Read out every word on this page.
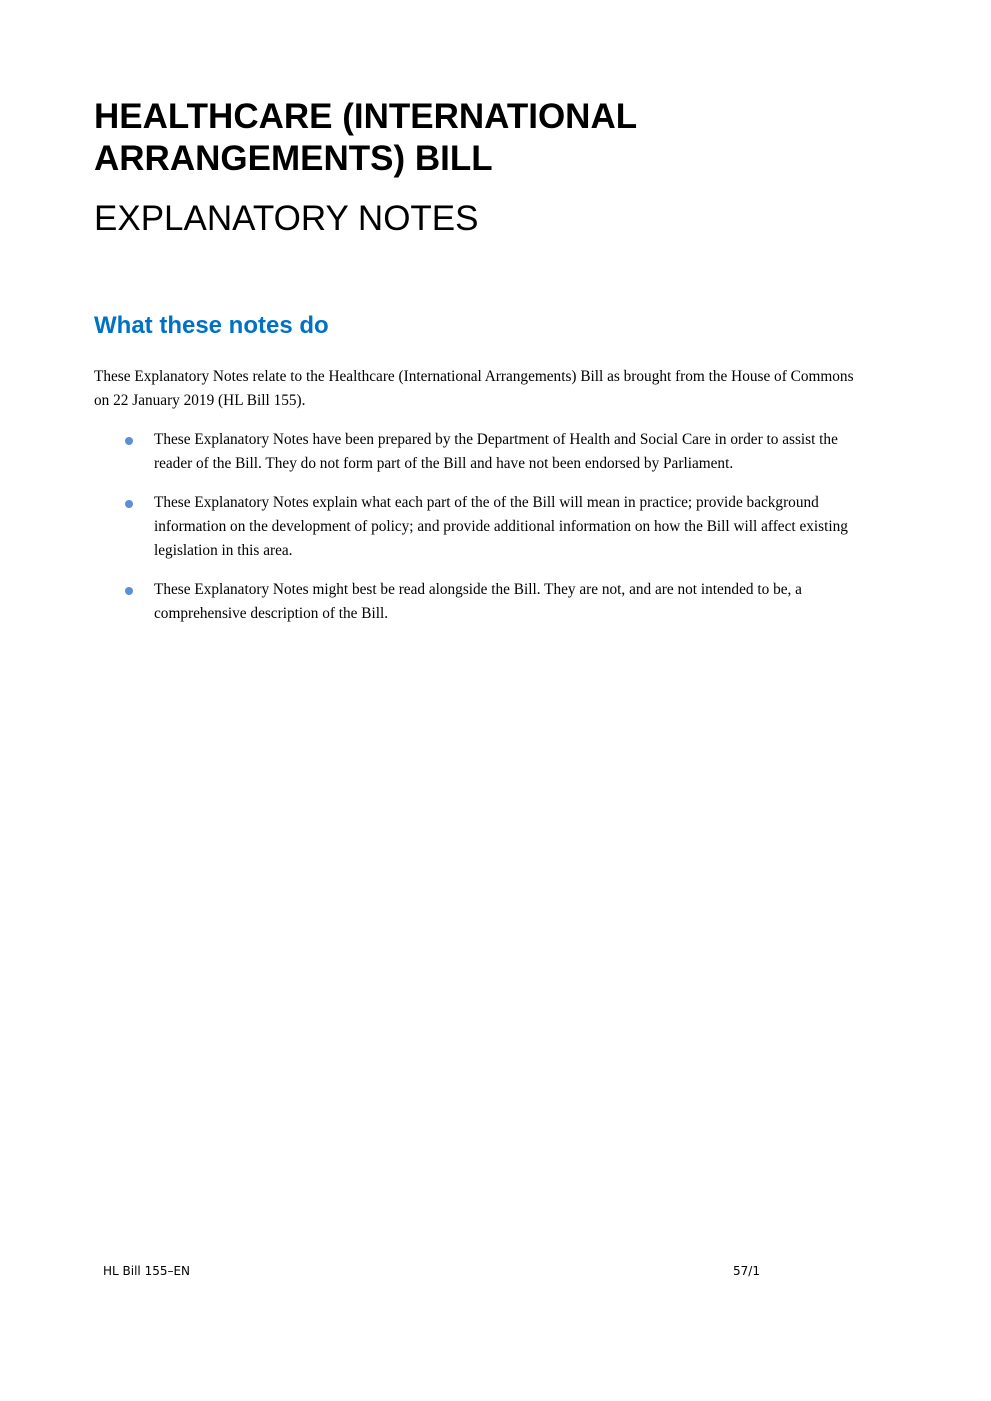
HEALTHCARE (INTERNATIONAL ARRANGEMENTS) BILL
EXPLANATORY NOTES
What these notes do

These Explanatory Notes relate to the Healthcare (International Arrangements) Bill as brought from the House of Commons on 22 January 2019 (HL Bill 155).

These Explanatory Notes have been prepared by the Department of Health and Social Care in order to assist the reader of the Bill. They do not form part of the Bill and have not been endorsed by Parliament.
These Explanatory Notes explain what each part of the of the Bill will mean in practice; provide background information on the development of policy; and provide additional information on how the Bill will affect existing legislation in this area.
These Explanatory Notes might best be read alongside the Bill. They are not, and are not intended to be, a comprehensive description of the Bill.
HL Bill 155–EN	57/1
